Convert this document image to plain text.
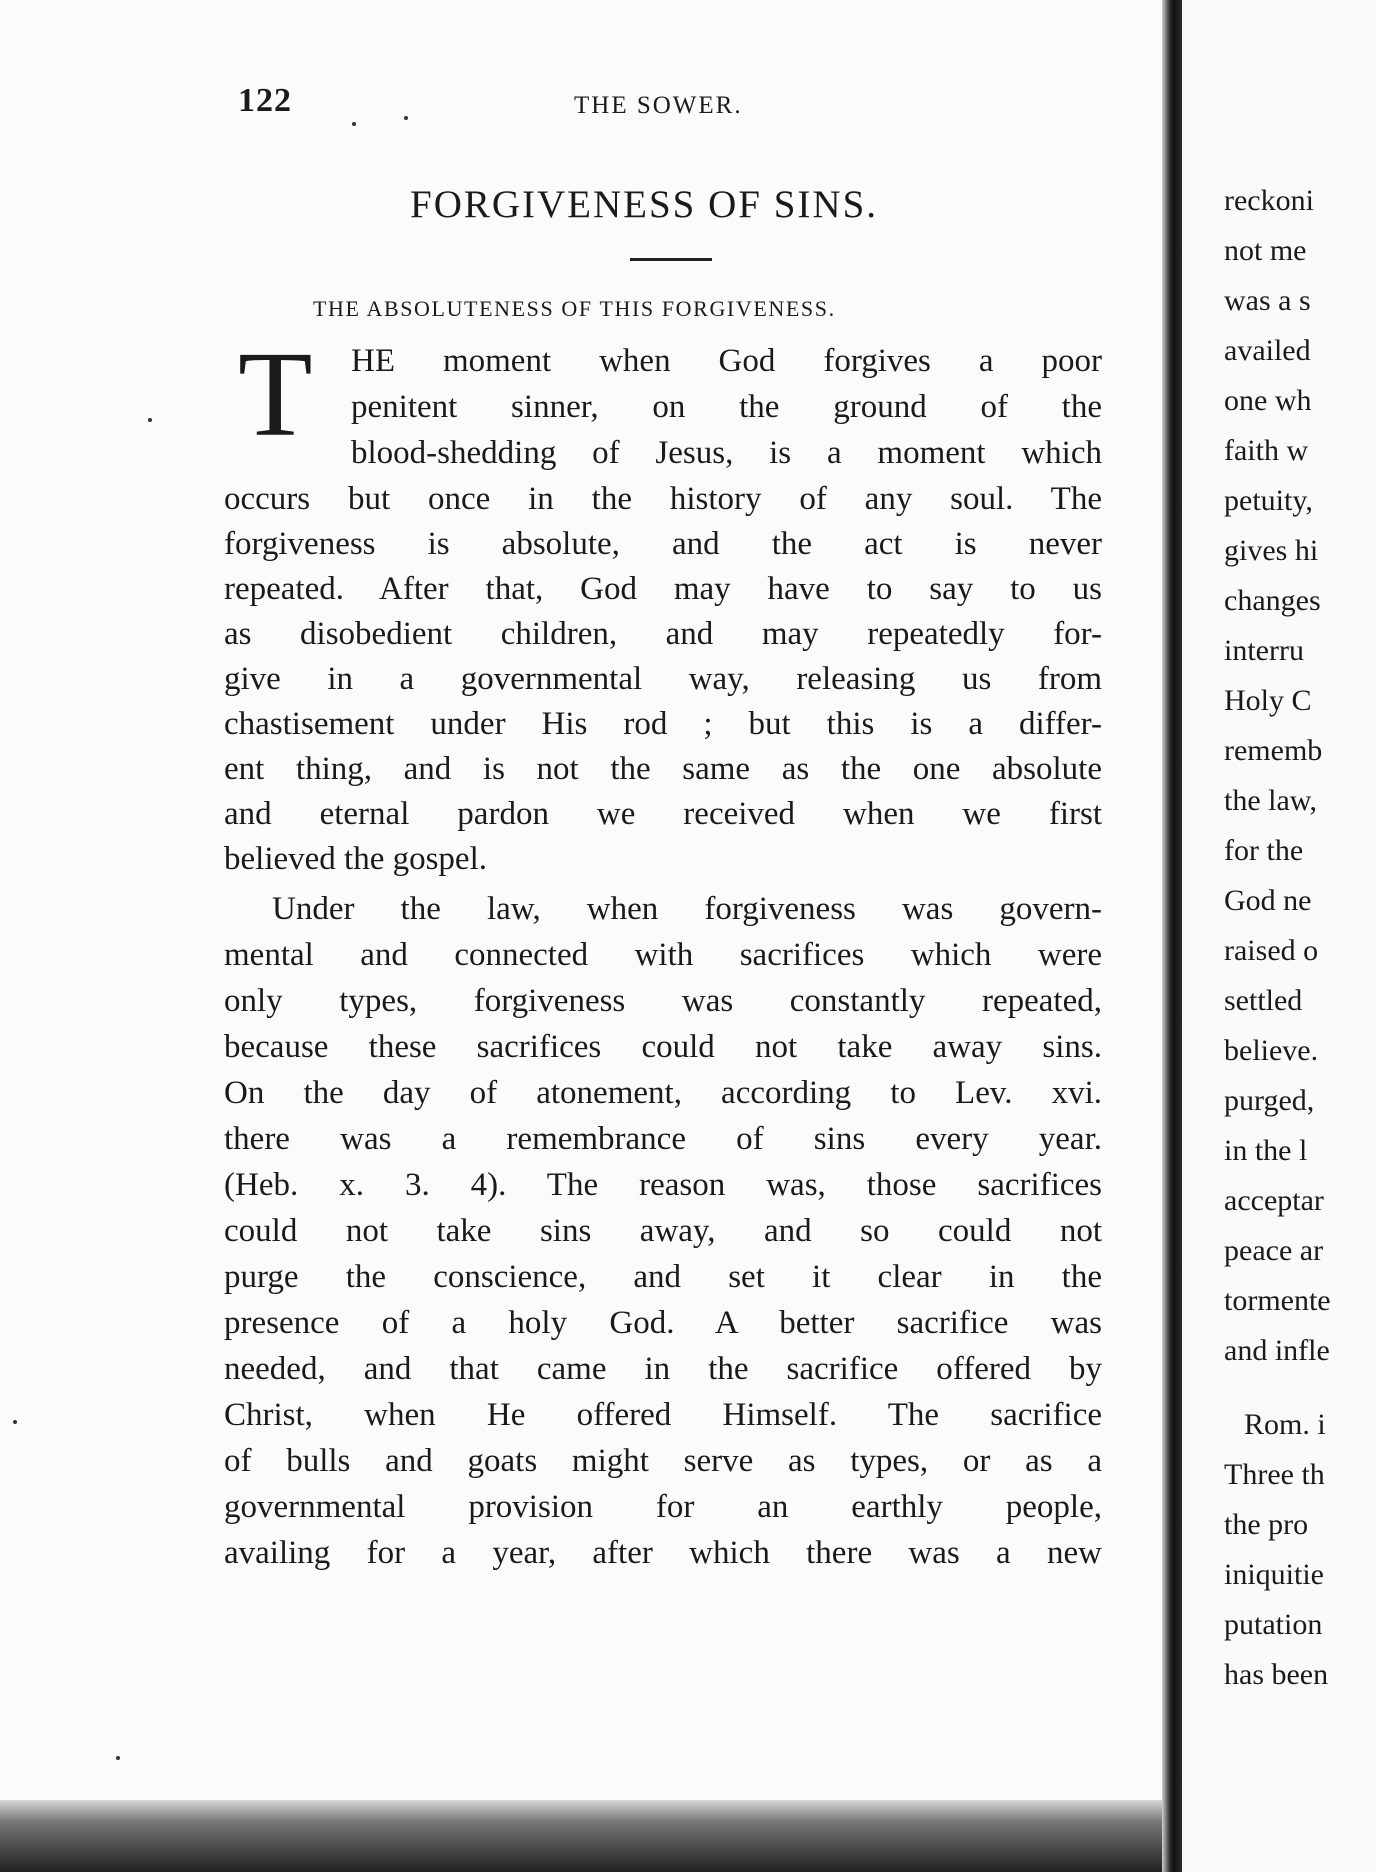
122	THE SOWER.
FORGIVENESS OF SINS.
THE ABSOLUTENESS OF THIS FORGIVENESS.
T HE moment when God forgives a poor
penitent sinner, on the ground of the
blood-shedding of Jesus, is a moment which
occurs but once in the history of any soul. The
forgiveness is absolute, and the act is never
repeated. After that, God may have to say to us
as disobedient children, and may repeatedly for-
give in a governmental way, releasing us from
chastisement under His rod ; but this is a differ-
ent thing, and is not the same as the one absolute
and eternal pardon we received when we first
believed the gospel.
Under the law, when forgiveness was govern-
mental and connected with sacrifices which were
only types, forgiveness was constantly repeated,
because these sacrifices could not take away sins.
On the day of atonement, according to Lev. xvi.
there was a remembrance of sins every year.
(Heb. x. 3. 4). The reason was, those sacrifices
could not take sins away, and so could not
purge the conscience, and set it clear in the
presence of a holy God. A better sacrifice was
needed, and that came in the sacrifice offered by
Christ, when He offered Himself. The sacrifice
of bulls and goats might serve as types, or as a
governmental provision for an earthly people,
availing for a year, after which there was a new
reckoni
not me
was a s
availed
one wh
faith w
petuity,
gives hi
changes
interru
Holy C
rememb
the law,
for the
God ne
raised o
settled
believe.
purged,
in the l
acceptar
peace ar
tormente
and infle
Rom. i
Three th
the pro
iniquitie
putation
has been
